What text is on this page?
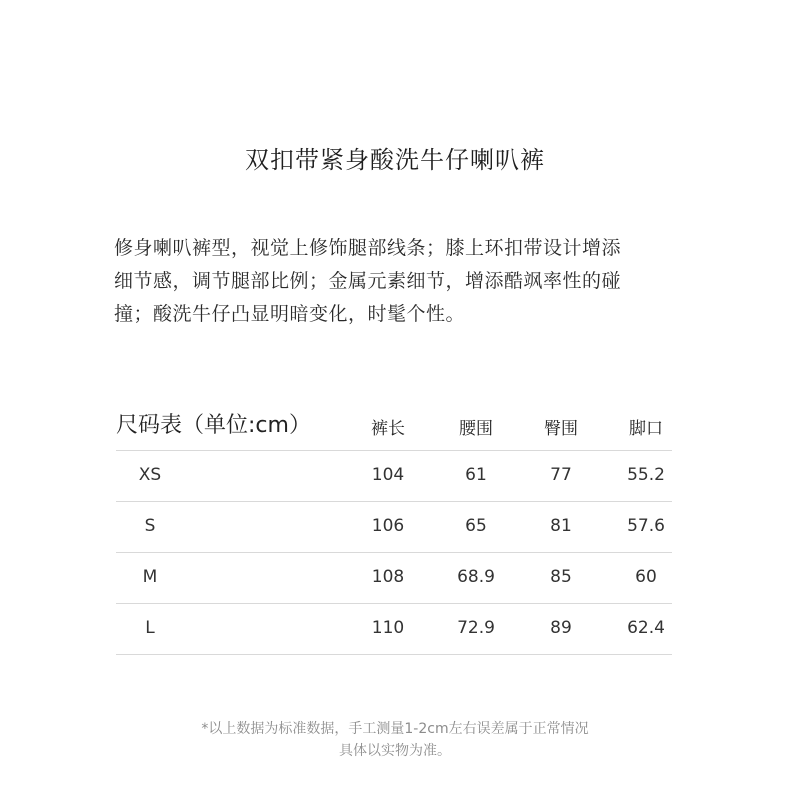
双扣带紧身酸洗牛仔喇叭裤
修身喇叭裤型，视觉上修饰腿部线条；膝上环扣带设计增添
细节感，调节腿部比例；金属元素细节，增添酷飒率性的碰
撞；酸洗牛仔凸显明暗变化，时髦个性。
尺码表（单位:cm）	裤长	腰围	臀围	脚口
XS	104	61	77	55.2
S	106	65	81	57.6
M	108	68.9	85	60
L	110	72.9	89	62.4
*以上数据为标准数据，手工测量1-2cm左右误差属于正常情况
具体以实物为准。
